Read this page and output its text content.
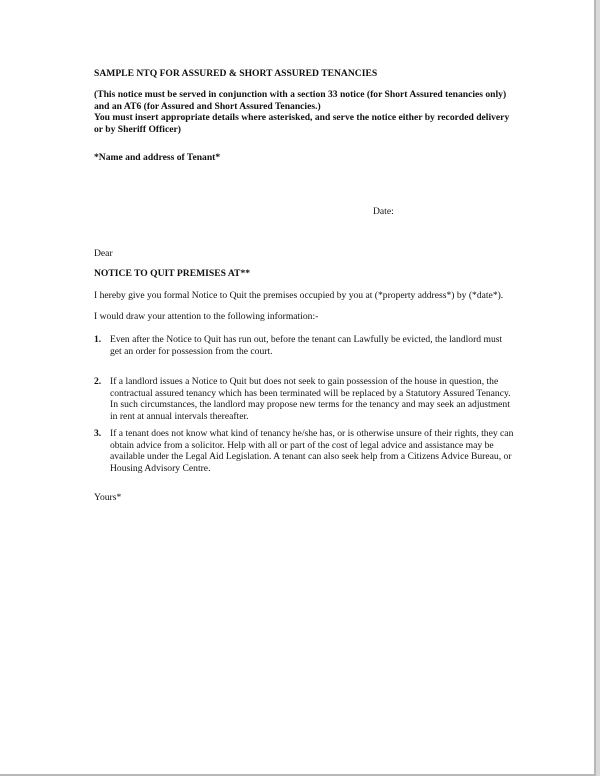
SAMPLE NTQ FOR ASSURED & SHORT ASSURED TENANCIES

(This notice must be served in conjunction with a section 33 notice (for Short Assured tenancies only) and an AT6 (for Assured and Short Assured Tenancies.)

You must insert appropriate details where asterisked, and serve the notice either by recorded delivery or by Sheriff Officer)

*Name and address of Tenant*
Date:
Dear
NOTICE TO QUIT PREMISES AT**
I hereby give you formal Notice to Quit the premises occupied by you at (*property address*) by (*date*).
I would draw your attention to the following information:-
1. Even after the Notice to Quit has run out, before the tenant can Lawfully be evicted, the landlord must get an order for possession from the court.
2. If a landlord issues a Notice to Quit but does not seek to gain possession of the house in question, the contractual assured tenancy which has been terminated will be replaced by a Statutory Assured Tenancy. In such circumstances, the landlord may propose new terms for the tenancy and may seek an adjustment in rent at annual intervals thereafter.
3. If a tenant does not know what kind of tenancy he/she has, or is otherwise unsure of their rights, they can obtain advice from a solicitor. Help with all or part of the cost of legal advice and assistance may be available under the Legal Aid Legislation. A tenant can also seek help from a Citizens Advice Bureau, or Housing Advisory Centre.
Yours*
